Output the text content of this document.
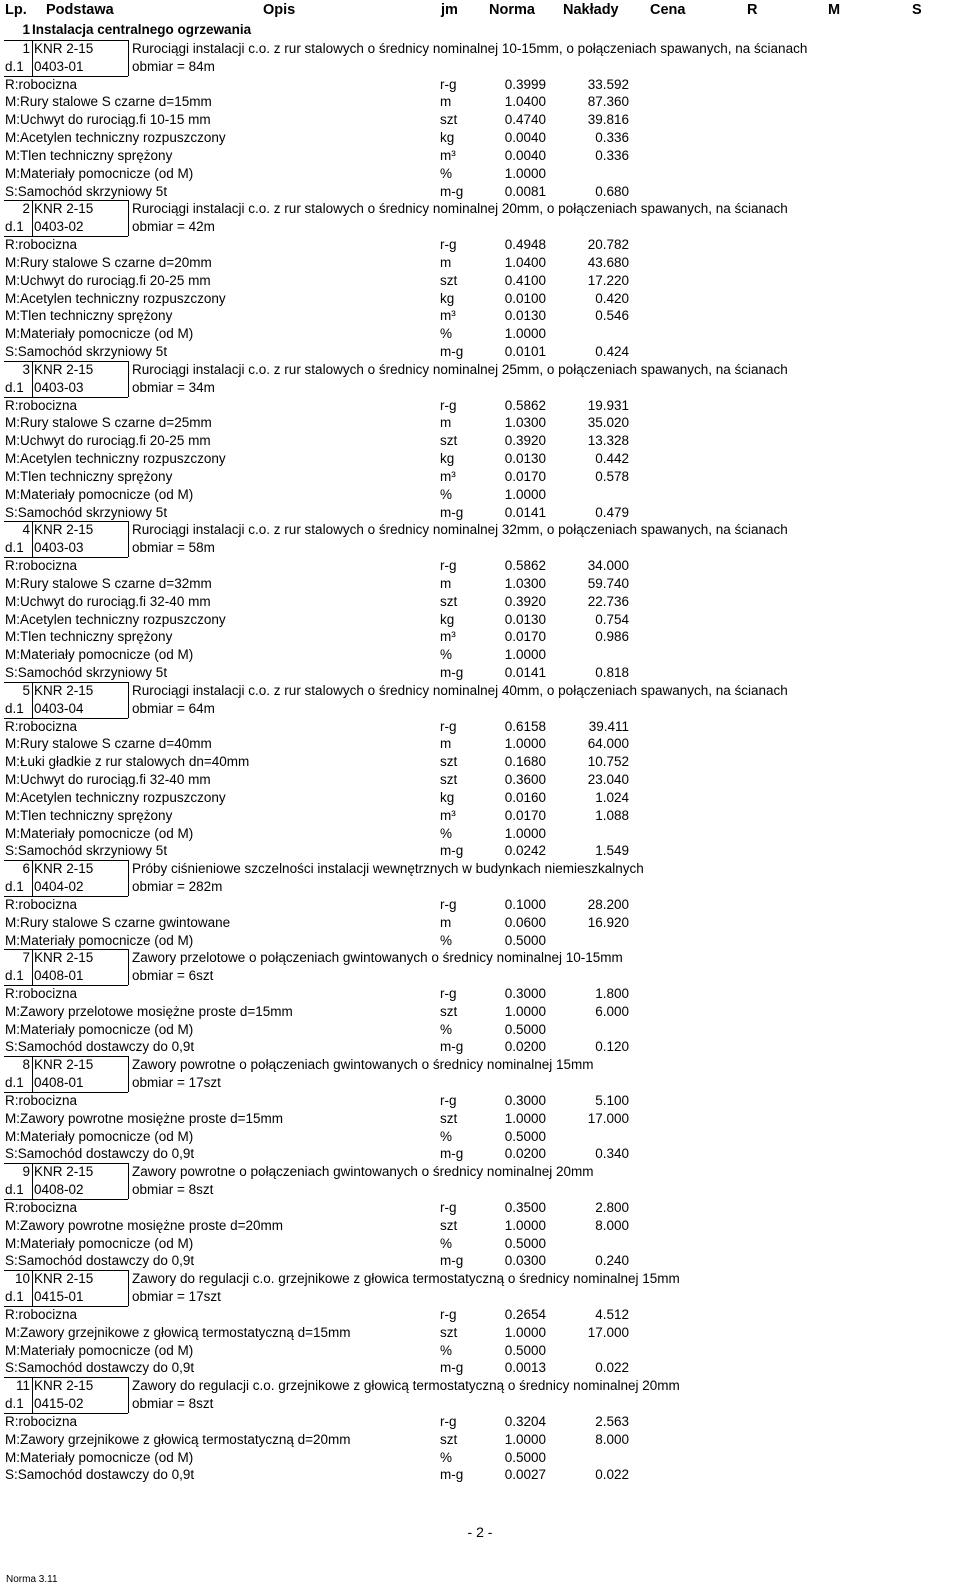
Lp. Podstawa	Opis	jm Norma Nakłady Cena	R	M	S
1 Instalacja centralnego ogrzewania
1 KNR 2-15	Rurociągi instalacji c.o. z rur stalowych o średnicy nominalnej 10-15mm, o połączeniach spawanych, na ścianach
d.1 0403-01	obmiar = 84m
R:robocizna	r-g	0.3999	33.592
M:Rury stalowe S czarne d=15mm	m	1.0400	87.360
M:Uchwyt do rurociąg.fi 10-15 mm	szt	0.4740	39.816
M:Acetylen techniczny rozpuszczony	kg	0.0040	0.336
M:Tlen techniczny sprężony	m³	0.0040	0.336
M:Materiały pomocnicze (od M)	%	1.0000
S:Samochód skrzyniowy 5t	m-g	0.0081	0.680
2 KNR 2-15	Rurociągi instalacji c.o. z rur stalowych o średnicy nominalnej 20mm, o połączeniach spawanych, na ścianach
d.1 0403-02	obmiar = 42m
R:robocizna	r-g	0.4948	20.782
M:Rury stalowe S czarne d=20mm	m	1.0400	43.680
M:Uchwyt do rurociąg.fi 20-25 mm	szt	0.4100	17.220
M:Acetylen techniczny rozpuszczony	kg	0.0100	0.420
M:Tlen techniczny sprężony	m³	0.0130	0.546
M:Materiały pomocnicze (od M)	%	1.0000
S:Samochód skrzyniowy 5t	m-g	0.0101	0.424
3 KNR 2-15	Rurociągi instalacji c.o. z rur stalowych o średnicy nominalnej 25mm, o połączeniach spawanych, na ścianach
d.1 0403-03	obmiar = 34m
R:robocizna	r-g	0.5862	19.931
M:Rury stalowe S czarne d=25mm	m	1.0300	35.020
M:Uchwyt do rurociąg.fi 20-25 mm	szt	0.3920	13.328
M:Acetylen techniczny rozpuszczony	kg	0.0130	0.442
M:Tlen techniczny sprężony	m³	0.0170	0.578
M:Materiały pomocnicze (od M)	%	1.0000
S:Samochód skrzyniowy 5t	m-g	0.0141	0.479
4 KNR 2-15	Rurociągi instalacji c.o. z rur stalowych o średnicy nominalnej 32mm, o połączeniach spawanych, na ścianach
d.1 0403-03	obmiar = 58m
R:robocizna	r-g	0.5862	34.000
M:Rury stalowe S czarne d=32mm	m	1.0300	59.740
M:Uchwyt do rurociąg.fi 32-40 mm	szt	0.3920	22.736
M:Acetylen techniczny rozpuszczony	kg	0.0130	0.754
M:Tlen techniczny sprężony	m³	0.0170	0.986
M:Materiały pomocnicze (od M)	%	1.0000
S:Samochód skrzyniowy 5t	m-g	0.0141	0.818
5 KNR 2-15	Rurociągi instalacji c.o. z rur stalowych o średnicy nominalnej 40mm, o połączeniach spawanych, na ścianach
d.1 0403-04	obmiar = 64m
R:robocizna	r-g	0.6158	39.411
M:Rury stalowe S czarne d=40mm	m	1.0000	64.000
M:Łuki gładkie z rur stalowych dn=40mm	szt	0.1680	10.752
M:Uchwyt do rurociąg.fi 32-40 mm	szt	0.3600	23.040
M:Acetylen techniczny rozpuszczony	kg	0.0160	1.024
M:Tlen techniczny sprężony	m³	0.0170	1.088
M:Materiały pomocnicze (od M)	%	1.0000
S:Samochód skrzyniowy 5t	m-g	0.0242	1.549
6 KNR 2-15	Próby ciśnieniowe szczelności instalacji wewnętrznych w budynkach niemieszkalnych
d.1 0404-02	obmiar = 282m
R:robocizna	r-g	0.1000	28.200
M:Rury stalowe S czarne gwintowane	m	0.0600	16.920
M:Materiały pomocnicze (od M)	%	0.5000
7 KNR 2-15	Zawory przelotowe o połączeniach gwintowanych o średnicy nominalnej 10-15mm
d.1 0408-01	obmiar = 6szt
R:robocizna	r-g	0.3000	1.800
M:Zawory przelotowe mosiężne proste d=15mm	szt	1.0000	6.000
M:Materiały pomocnicze (od M)	%	0.5000
S:Samochód dostawczy do 0,9t	m-g	0.0200	0.120
8 KNR 2-15	Zawory powrotne o połączeniach gwintowanych o średnicy nominalnej 15mm
d.1 0408-01	obmiar = 17szt
R:robocizna	r-g	0.3000	5.100
M:Zawory powrotne mosiężne proste d=15mm	szt	1.0000	17.000
M:Materiały pomocnicze (od M)	%	0.5000
S:Samochód dostawczy do 0,9t	m-g	0.0200	0.340
9 KNR 2-15	Zawory powrotne o połączeniach gwintowanych o średnicy nominalnej 20mm
d.1 0408-02	obmiar = 8szt
R:robocizna	r-g	0.3500	2.800
M:Zawory powrotne mosiężne proste d=20mm	szt	1.0000	8.000
M:Materiały pomocnicze (od M)	%	0.5000
S:Samochód dostawczy do 0,9t	m-g	0.0300	0.240
10 KNR 2-15	Zawory do regulacji c.o. grzejnikowe z głowica termostatyczną o średnicy nominalnej 15mm
d.1 0415-01	obmiar = 17szt
R:robocizna	r-g	0.2654	4.512
M:Zawory grzejnikowe z głowicą termostatyczną d=15mm	szt	1.0000	17.000
M:Materiały pomocnicze (od M)	%	0.5000
S:Samochód dostawczy do 0,9t	m-g	0.0013	0.022
11 KNR 2-15	Zawory do regulacji c.o. grzejnikowe z głowicą termostatyczną o średnicy nominalnej 20mm
d.1 0415-02	obmiar = 8szt
R:robocizna	r-g	0.3204	2.563
M:Zawory grzejnikowe z głowicą termostatyczną d=20mm	szt	1.0000	8.000
M:Materiały pomocnicze (od M)	%	0.5000
S:Samochód dostawczy do 0,9t	m-g	0.0027	0.022
- 2 -
Norma 3.11
